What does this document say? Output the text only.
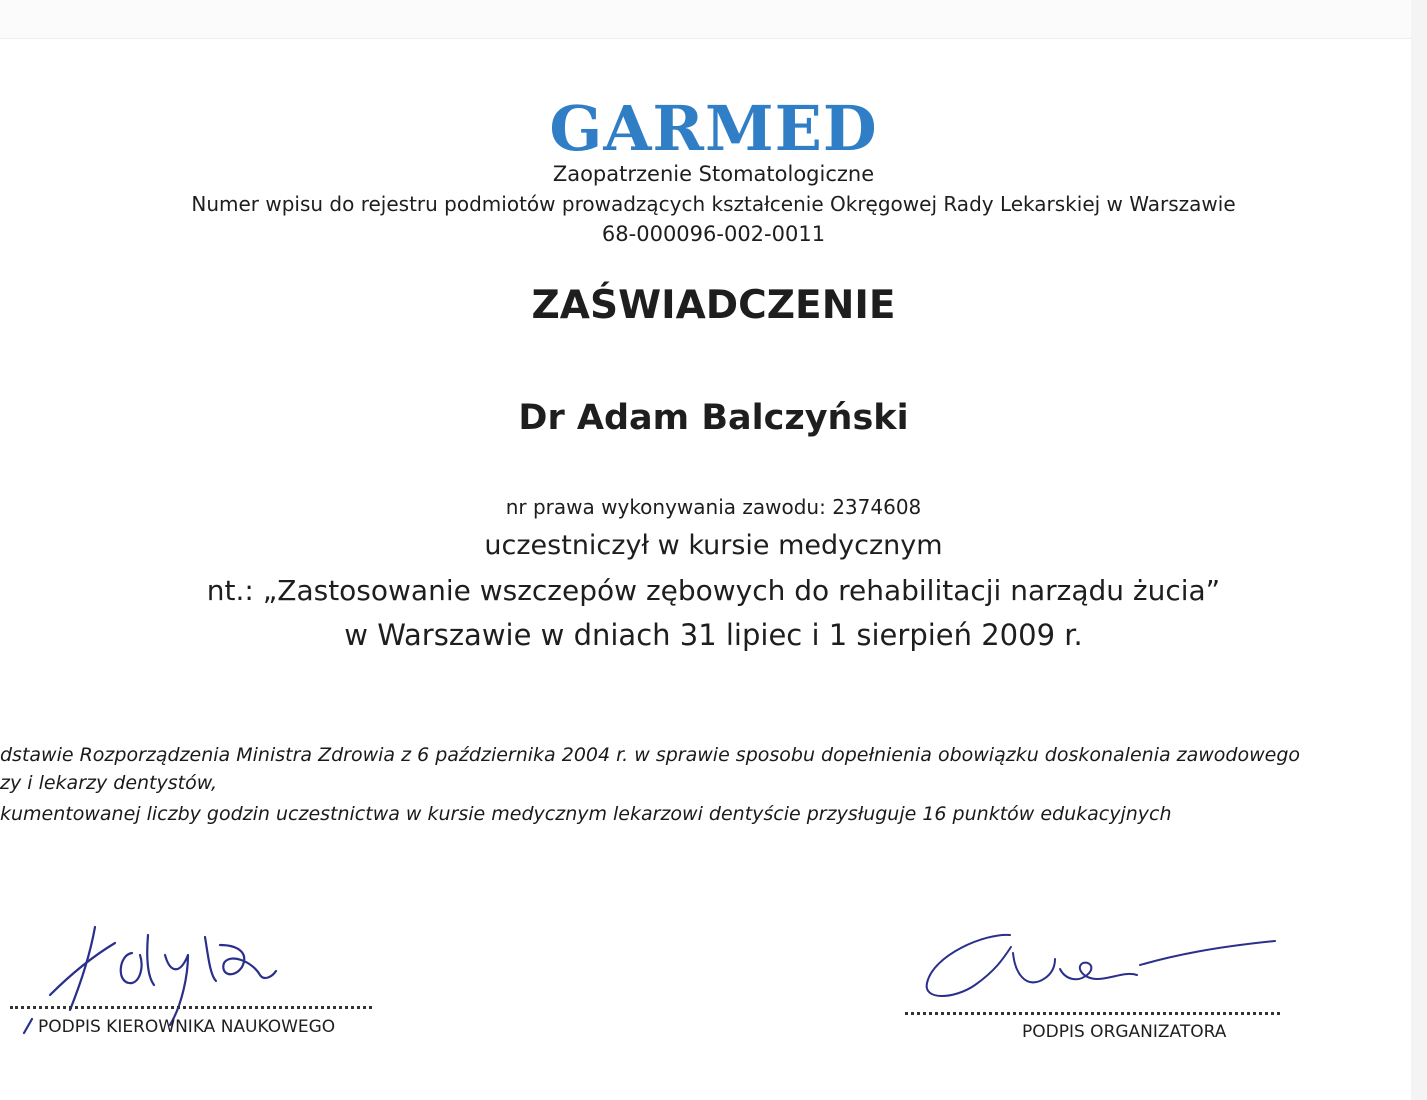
GARMED
Zaopatrzenie Stomatologiczne
Numer wpisu do rejestru podmiotów prowadzących kształcenie Okręgowej Rady Lekarskiej w Warszawie
68-000096-002-0011
ZAŚWIADCZENIE
Dr Adam Balczyński
nr prawa wykonywania zawodu: 2374608
uczestniczył w kursie medycznym
nt.: „Zastosowanie wszczepów zębowych do rehabilitacji narządu żucia”
w Warszawie w dniach 31 lipiec i 1 sierpień 2009 r.
dstawie Rozporządzenia Ministra Zdrowia z 6 października 2004 r. w sprawie sposobu dopełnienia obowiązku doskonalenia zawodowego
zy i lekarzy dentystów,
kumentowanej liczby godzin uczestnictwa w kursie medycznym lekarzowi dentyście przysługuje 16 punktów edukacyjnych
PODPIS KIEROWNIKA NAUKOWEGO	PODPIS ORGANIZATORA
